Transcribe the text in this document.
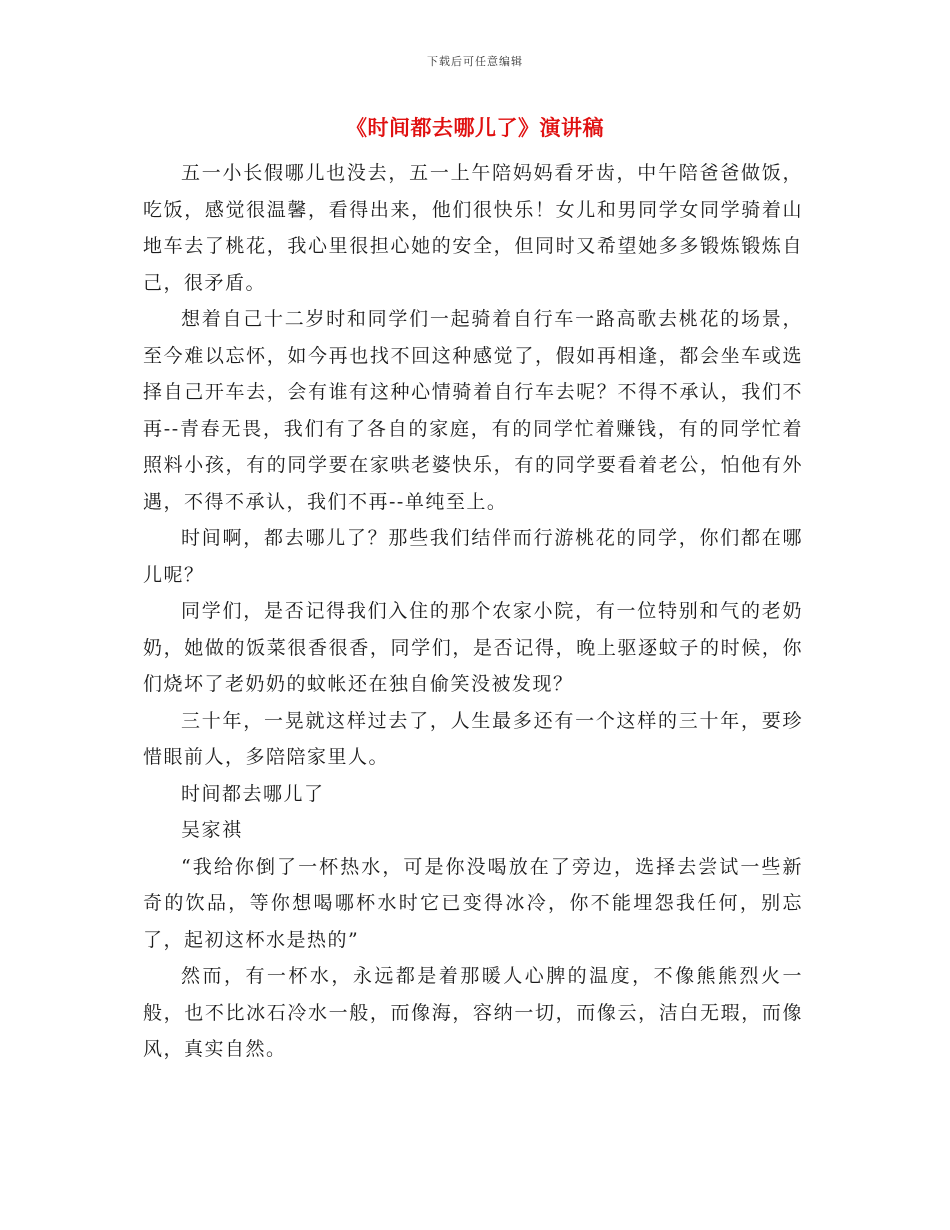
下载后可任意编辑
《时间都去哪儿了》演讲稿

五一小长假哪儿也没去，五一上午陪妈妈看牙齿，中午陪爸爸做饭，吃饭，感觉很温馨，看得出来，他们很快乐！女儿和男同学女同学骑着山地车去了桃花，我心里很担心她的安全，但同时又希望她多多锻炼锻炼自己，很矛盾。

想着自己十二岁时和同学们一起骑着自行车一路高歌去桃花的场景，至今难以忘怀，如今再也找不回这种感觉了，假如再相逢，都会坐车或选择自己开车去，会有谁有这种心情骑着自行车去呢？不得不承认，我们不再--青春无畏，我们有了各自的家庭，有的同学忙着赚钱，有的同学忙着照料小孩，有的同学要在家哄老婆快乐，有的同学要看着老公，怕他有外遇，不得不承认，我们不再--单纯至上。

时间啊，都去哪儿了？那些我们结伴而行游桃花的同学，你们都在哪儿呢？

同学们，是否记得我们入住的那个农家小院，有一位特别和气的老奶奶，她做的饭菜很香很香，同学们，是否记得，晚上驱逐蚊子的时候，你们烧坏了老奶奶的蚊帐还在独自偷笑没被发现？

三十年，一晃就这样过去了，人生最多还有一个这样的三十年，要珍惜眼前人，多陪陪家里人。

时间都去哪儿了

吴家祺

“我给你倒了一杯热水，可是你没喝放在了旁边，选择去尝试一些新奇的饮品，等你想喝哪杯水时它已变得冰冷，你不能埋怨我任何，别忘了，起初这杯水是热的”

然而，有一杯水，永远都是着那暖人心脾的温度，不像熊熊烈火一般，也不比冰石冷水一般，而像海，容纳一切，而像云，洁白无瑕，而像风，真实自然。
